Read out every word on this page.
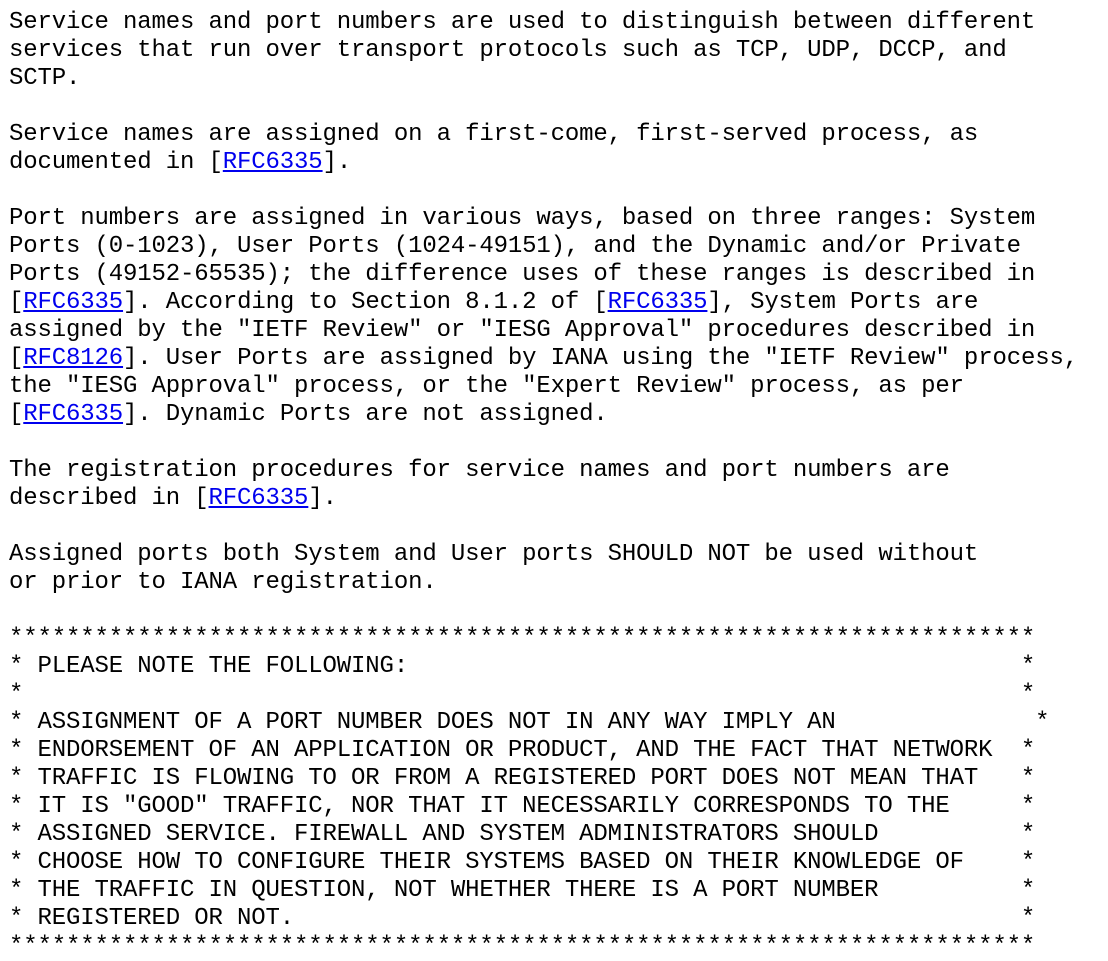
Service names and port numbers are used to distinguish between different
services that run over transport protocols such as TCP, UDP, DCCP, and
SCTP.
Service names are assigned on a first-come, first-served process, as
documented in [RFC6335].
Port numbers are assigned in various ways, based on three ranges: System
Ports (0-1023), User Ports (1024-49151), and the Dynamic and/or Private
Ports (49152-65535); the difference uses of these ranges is described in
[RFC6335]. According to Section 8.1.2 of [RFC6335], System Ports are
assigned by the "IETF Review" or "IESG Approval" procedures described in
[RFC8126]. User Ports are assigned by IANA using the "IETF Review" process,
the "IESG Approval" process, or the "Expert Review" process, as per
[RFC6335]. Dynamic Ports are not assigned.
The registration procedures for service names and port numbers are
described in [RFC6335].
Assigned ports both System and User ports SHOULD NOT be used without
or prior to IANA registration.
************************************************************************
* PLEASE NOTE THE FOLLOWING:                                           *
*                                                                      *
* ASSIGNMENT OF A PORT NUMBER DOES NOT IN ANY WAY IMPLY AN              *
* ENDORSEMENT OF AN APPLICATION OR PRODUCT, AND THE FACT THAT NETWORK  *
* TRAFFIC IS FLOWING TO OR FROM A REGISTERED PORT DOES NOT MEAN THAT   *
* IT IS "GOOD" TRAFFIC, NOR THAT IT NECESSARILY CORRESPONDS TO THE     *
* ASSIGNED SERVICE. FIREWALL AND SYSTEM ADMINISTRATORS SHOULD          *
* CHOOSE HOW TO CONFIGURE THEIR SYSTEMS BASED ON THEIR KNOWLEDGE OF    *
* THE TRAFFIC IN QUESTION, NOT WHETHER THERE IS A PORT NUMBER          *
* REGISTERED OR NOT.                                                   *
************************************************************************
